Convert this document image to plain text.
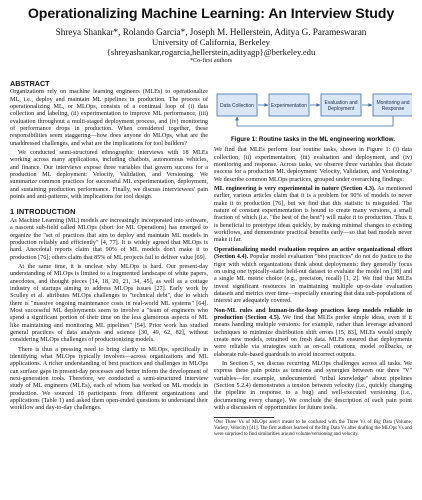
Operationalizing Machine Learning: An Interview Study
Shreya Shankar*, Rolando Garcia*, Joseph M. Hellerstein, Aditya G. Parameswaran
University of California, Berkeley
{shreyashankar,rogarcia,hellerstein,adityagp}@berkeley.edu
*Co-first authors
ABSTRACT

Organizations rely on machine learning engineers (MLEs) to operationalize ML, i.e., deploy and maintain ML pipelines in production. The process of operationalizing ML, or MLOps, consists of a continual loop of (i) data collection and labeling, (ii) experimentation to improve ML performance, (iii) evaluation throughout a multi-staged deployment process, and (iv) monitoring of performance drops in production. When considered together, these responsibilities seem staggering—how does anyone do MLOps, what are the unaddressed challenges, and what are the implications for tool builders?

We conducted semi-structured ethnographic interviews with 18 MLEs working across many applications, including chatbots, autonomous vehicles, and finance. Our interviews expose three variables that govern success for a production ML deployment: Velocity, Validation, and Versioning. We summarize common practices for successful ML experimentation, deployment, and sustaining production performance. Finally, we discuss interviewees' pain points and anti-patterns, with implications for tool design.

1 INTRODUCTION

As Machine Learning (ML) models are increasingly incorporated into software, a nascent sub-field called MLOps (short for ML Operations) has emerged to organize the "set of practices that aim to deploy and maintain ML models in production reliably and efficiently" [4, 77]. It is widely agreed that MLOps is hard. Anecdotal reports claim that 90% of ML models don't make it to production [76]; others claim that 85% of ML projects fail to deliver value [69].

At the same time, it is unclear why MLOps is hard. Our present-day understanding of MLOps is limited to a fragmented landscape of white papers, anecdotes, and thought pieces [14, 18, 20, 21, 34, 45], as well as a cottage industry of startups aiming to address MLOps issues [27]. Early work by Sculley et al. attributes MLOps challenges to "technical debt", due to which there is "massive ongoing maintenance costs in real-world ML systems" [64]. Most successful ML deployments seem to involve a "team of engineers who spend a significant portion of their time on the less glamorous aspects of ML like maintaining and monitoring ML pipelines" [54]. Prior work has studied general practices of data analysis and science [30, 49, 62, 82], without considering MLOps challenges of productionizing models.

There is thus a pressing need to bring clarity to MLOps, specifically in identifying what MLOps typically involves—across organizations and ML applications. A richer understanding of best practices and challenges in MLOps can surface gaps in present-day processes and better inform the development of next-generation tools. Therefore, we conducted a semi-structured interview study of ML engineers (MLEs), each of whom has worked on ML models in production. We sourced 18 participants from different organizations and applications (Table 1) and asked them open-ended questions to understand their workflow and day-to-day challenges.

Data Collection	Experimentation	Evaluation and
Deployment
Monitoring and
Response
Figure 1: Routine tasks in the ML engineering workflow.

We find that MLEs perform four routine tasks, shown in Figure 1: (i) data collection, (ii) experimentation, (iii) evaluation and deployment, and (iv) monitoring and response. Across tasks, we observe three variables that dictate success for a production ML deployment: Velocity, Validation, and Versioning.¹ We describe common MLOps practices, grouped under overarching findings:

ML engineering is very experimental in nature (Section 4.3). As mentioned earlier, various articles claim that it is a problem for 90% of models to never make it to production [76], but we find that this statistic is misguided. The nature of constant experimentation is bound to create many versions, a small fraction of which (i.e. "the best of the best") will make it to production. Thus it is beneficial to prototype ideas quickly, by making minimal changes to existing workflows, and demonstrate practical benefits early—so that bad models never make it far.

Operationalizing model evaluation requires an active organizational effort (Section 4.4). Popular model evaluation "best practices" do not do justice to the rigor with which organizations think about deployments: they generally focus on using one typically-static held-out dataset to evaluate the model on [38] and a single ML metric choice (e.g., precision, recall) [1, 2]. We find that MLEs invest significant resources in maintaining multiple up-to-date evaluation datasets and metrics over time—especially ensuring that data sub-populations of interest are adequately covered.

Non-ML rules and human-in-the-loop practices keep models reliable in production (Section 4.5). We find that MLEs prefer simple ideas, even if it means handling multiple versions: for example, rather than leverage advanced techniques to minimize distribution shift errors [15, 83], MLEs would simply create new models, retrained on fresh data. MLEs ensured that deployments were reliable via strategies such as on-call rotations, model rollbacks, or elaborate rule-based guardrails to avoid incorrect outputs.

In Section 5, we discuss recurring MLOps challenges across all tasks. We express these pain points as tensions and synergies between our three "V" variables—for example, undocumented "tribal knowledge" about pipelines (Section 5.2.4) demonstrates a tension between velocity (i.e., quickly changing the pipeline in response to a bug) and well-executed versioning (i.e., documenting every change). We conclude the description of each pain point with a discussion of opportunities for future tools.

¹Our Three Vs of MLOps aren't meant to be confused with the Three Vs of Big Data (Volume, Variety, Velocity) [41]. The first authors learned of the Big Data Vs after drafting the MLOps Vs and were surprised to find similarities around volume/versioning and velocity.
